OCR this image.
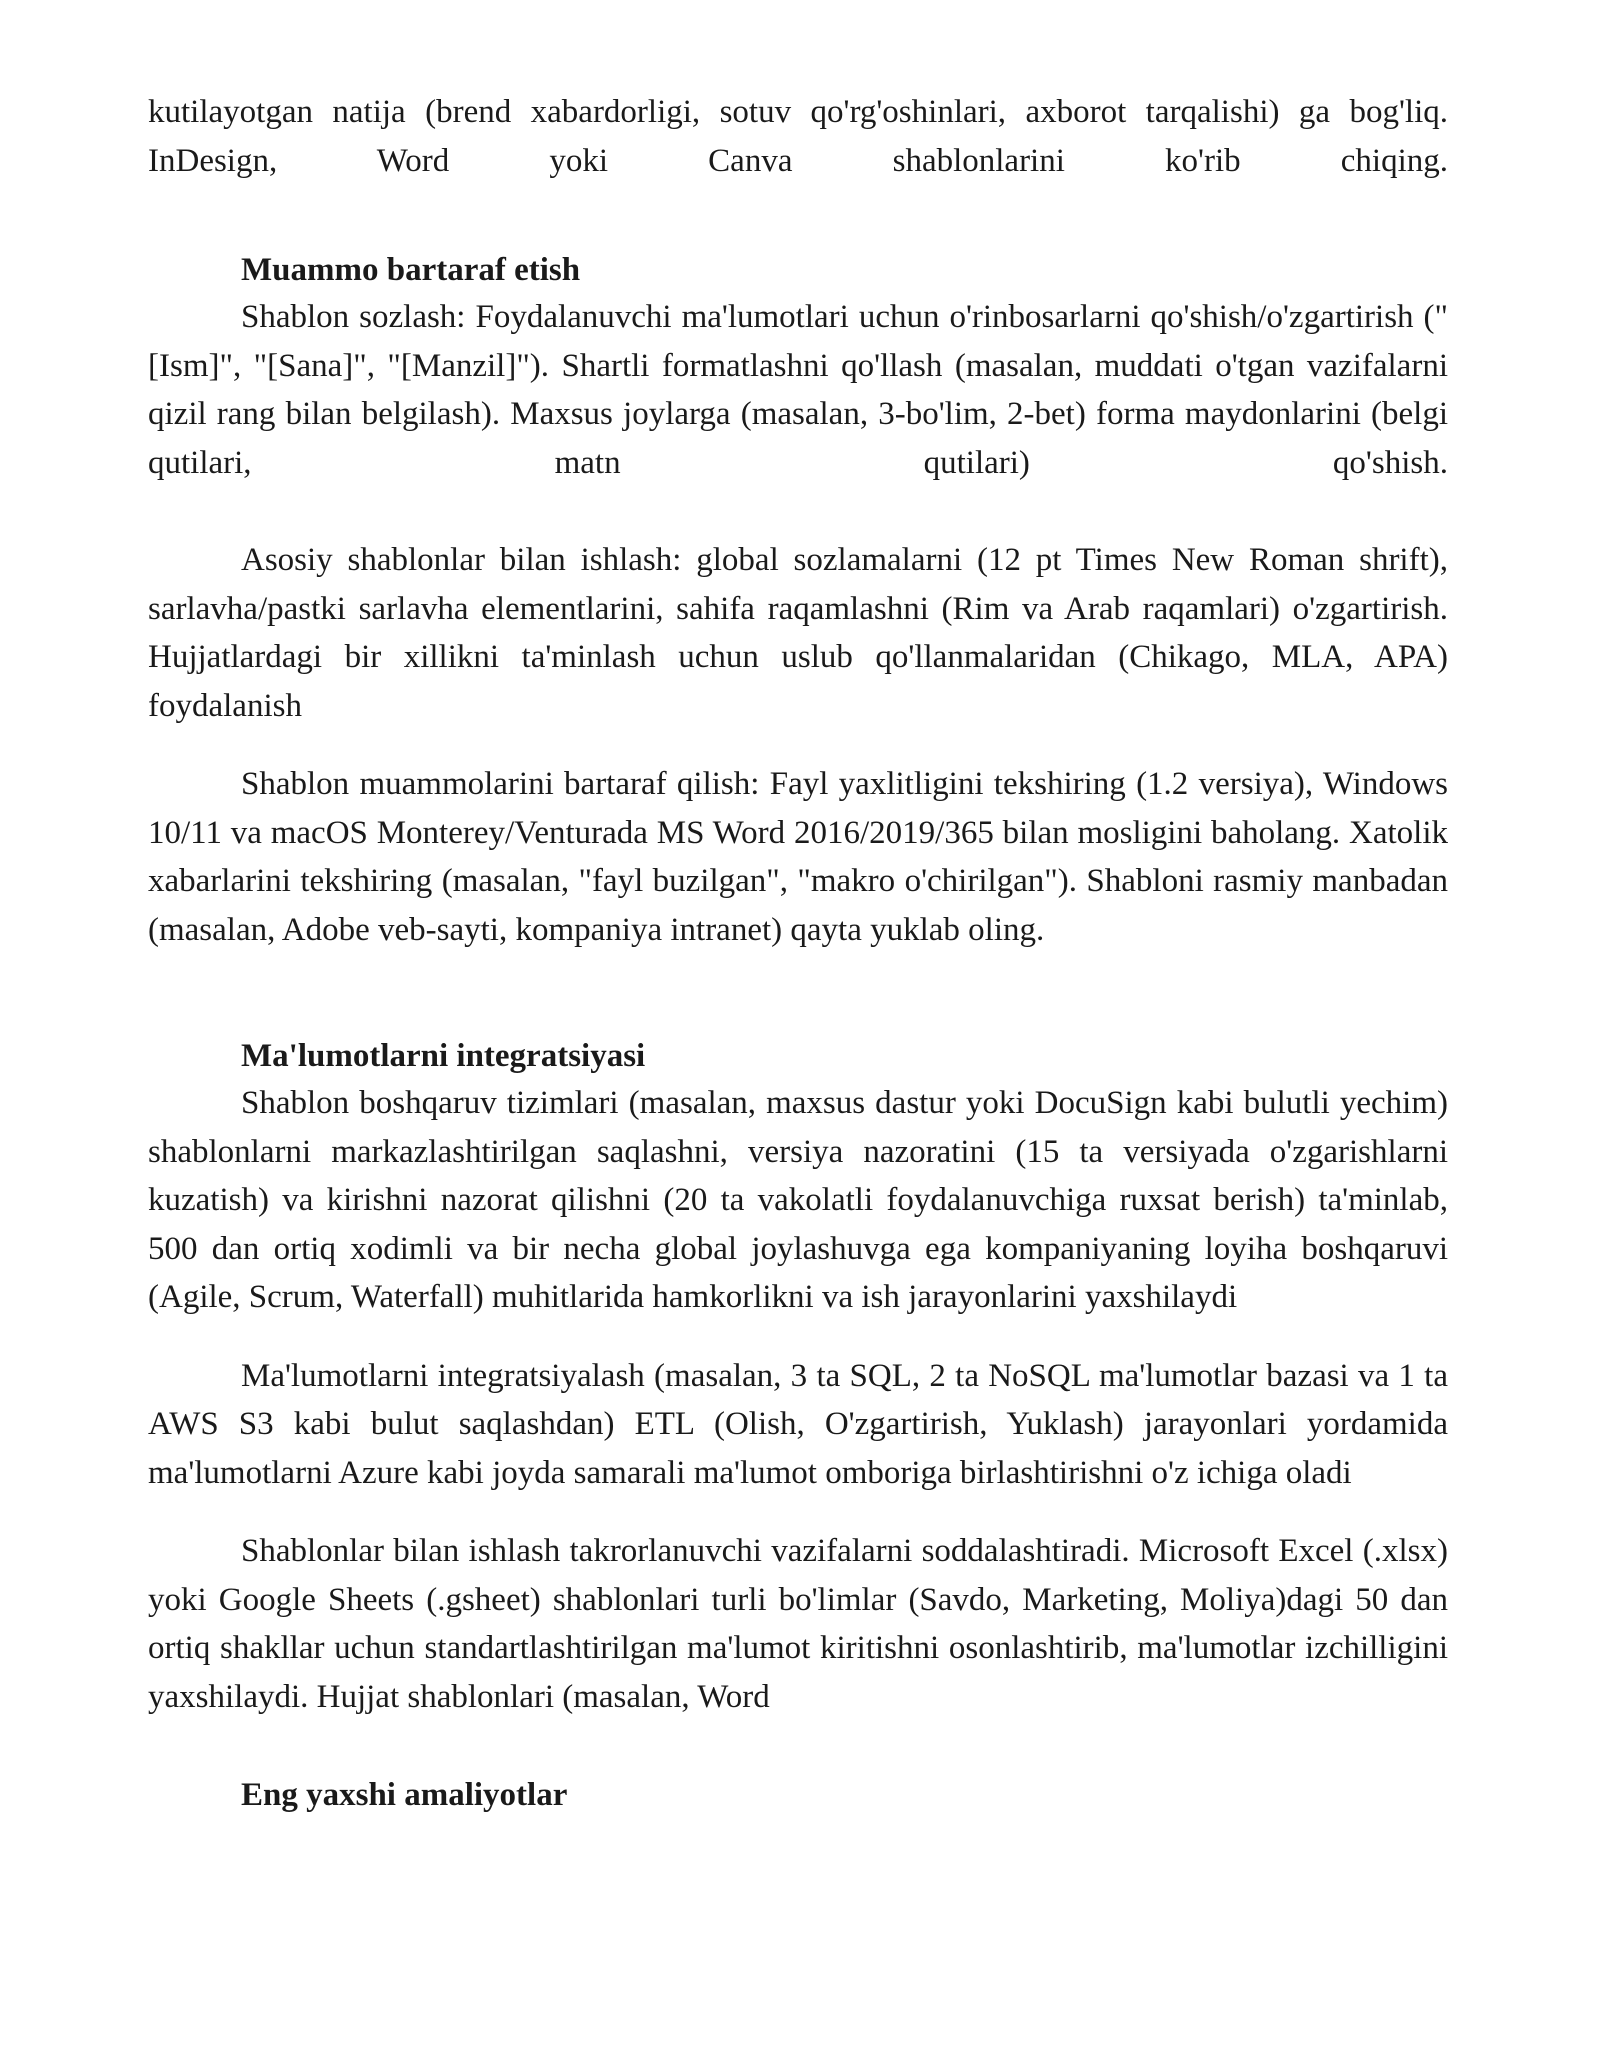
kutilayotgan natija (brend xabardorligi, sotuv qo'rg'oshinlari, axborot tarqalishi) ga bog'liq. InDesign, Word yoki Canva shablonlarini ko'rib chiqing.

Muammo bartaraf etish

Shablon sozlash: Foydalanuvchi ma'lumotlari uchun o'rinbosarlarni qo'shish/o'zgartirish ("[Ism]", "[Sana]", "[Manzil]"). Shartli formatlashni qo'llash (masalan, muddati o'tgan vazifalarni qizil rang bilan belgilash). Maxsus joylarga (masalan, 3-bo'lim, 2-bet) forma maydonlarini (belgi qutilari, matn qutilari) qo'shish.

Asosiy shablonlar bilan ishlash: global sozlamalarni (12 pt Times New Roman shrift), sarlavha/pastki sarlavha elementlarini, sahifa raqamlashni (Rim va Arab raqamlari) o'zgartirish. Hujjatlardagi bir xillikni ta'minlash uchun uslub qo'llanmalaridan (Chikago, MLA, APA) foydalanish

Shablon muammolarini bartaraf qilish: Fayl yaxlitligini tekshiring (1.2 versiya), Windows 10/11 va macOS Monterey/Venturada MS Word 2016/2019/365 bilan mosligini baholang. Xatolik xabarlarini tekshiring (masalan, "fayl buzilgan", "makro o'chirilgan"). Shabloni rasmiy manbadan (masalan, Adobe veb-sayti, kompaniya intranet) qayta yuklab oling.

Ma'lumotlarni integratsiyasi

Shablon boshqaruv tizimlari (masalan, maxsus dastur yoki DocuSign kabi bulutli yechim) shablonlarni markazlashtirilgan saqlashni, versiya nazoratini (15 ta versiyada o'zgarishlarni kuzatish) va kirishni nazorat qilishni (20 ta vakolatli foydalanuvchiga ruxsat berish) ta'minlab, 500 dan ortiq xodimli va bir necha global joylashuvga ega kompaniyaning loyiha boshqaruvi (Agile, Scrum, Waterfall) muhitlarida hamkorlikni va ish jarayonlarini yaxshilaydi

Ma'lumotlarni integratsiyalash (masalan, 3 ta SQL, 2 ta NoSQL ma'lumotlar bazasi va 1 ta AWS S3 kabi bulut saqlashdan) ETL (Olish, O'zgartirish, Yuklash) jarayonlari yordamida ma'lumotlarni Azure kabi joyda samarali ma'lumot omboriga birlashtirishni o'z ichiga oladi

Shablonlar bilan ishlash takrorlanuvchi vazifalarni soddalashtiradi. Microsoft Excel (.xlsx) yoki Google Sheets (.gsheet) shablonlari turli bo'limlar (Savdo, Marketing, Moliya)dagi 50 dan ortiq shakllar uchun standartlashtirilgan ma'lumot kiritishni osonlashtirib, ma'lumotlar izchilligini yaxshilaydi. Hujjat shablonlari (masalan, Word

Eng yaxshi amaliyotlar
